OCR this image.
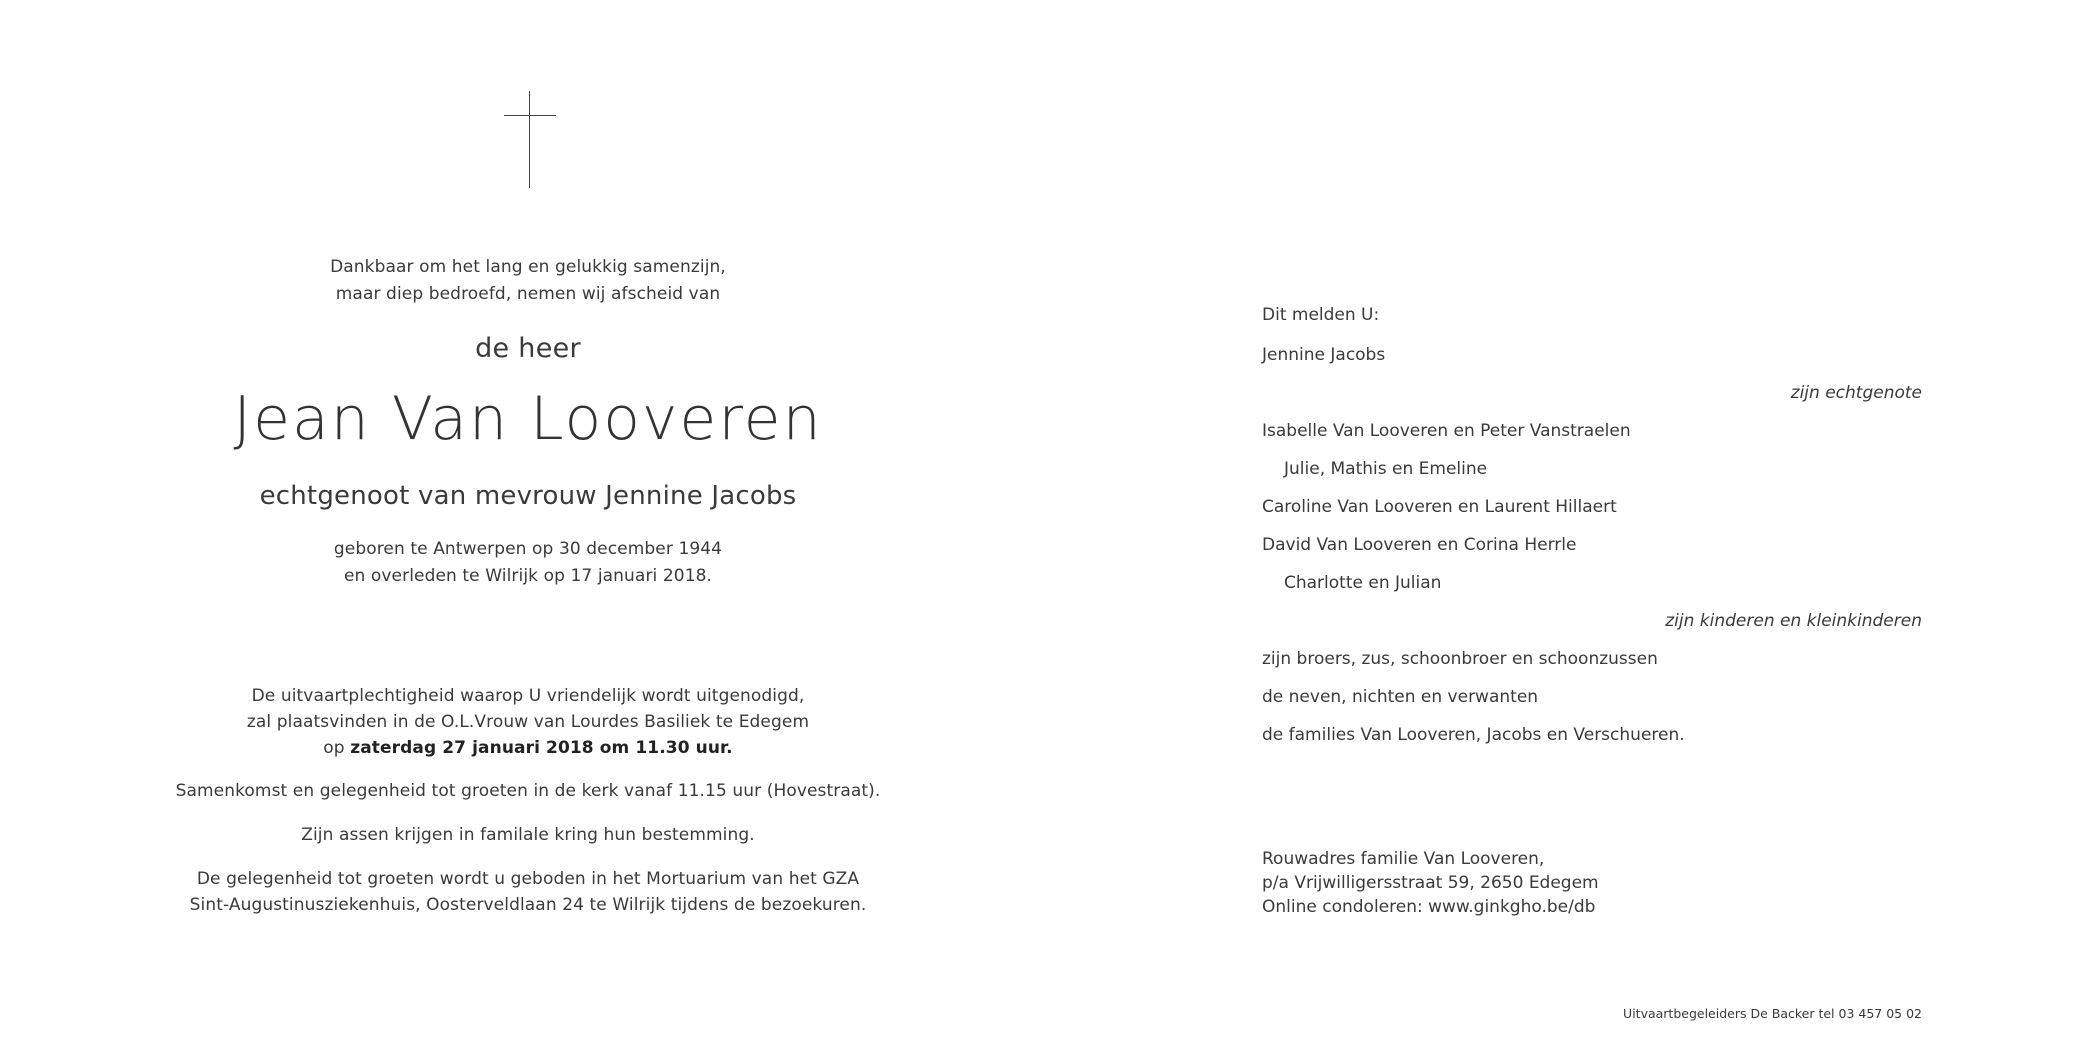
Dankbaar om het lang en gelukkig samenzijn,
maar diep bedroefd, nemen wij afscheid van
de heer
Jean Van Looveren
echtgenoot van mevrouw Jennine Jacobs
geboren te Antwerpen op 30 december 1944
en overleden te Wilrijk op 17 januari 2018.
De uitvaartplechtigheid waarop U vriendelijk wordt uitgenodigd,
zal plaatsvinden in de O.L.Vrouw van Lourdes Basiliek te Edegem
op zaterdag 27 januari 2018 om 11.30 uur.
Samenkomst en gelegenheid tot groeten in de kerk vanaf 11.15 uur (Hovestraat).
Zijn assen krijgen in familale kring hun bestemming.
De gelegenheid tot groeten wordt u geboden in het Mortuarium van het GZA
Sint-Augustinusziekenhuis, Oosterveldlaan 24 te Wilrijk tijdens de bezoekuren.
Dit melden U:
Jennine Jacobs
zijn echtgenote
Isabelle Van Looveren en Peter Vanstraelen
Julie, Mathis en Emeline
Caroline Van Looveren en Laurent Hillaert
David Van Looveren en Corina Herrle
Charlotte en Julian
zijn kinderen en kleinkinderen
zijn broers, zus, schoonbroer en schoonzussen
de neven, nichten en verwanten
de families Van Looveren, Jacobs en Verschueren.
Rouwadres familie Van Looveren,
p/a Vrijwilligersstraat 59, 2650 Edegem
Online condoleren: www.ginkgho.be/db
Uitvaartbegeleiders De Backer tel 03 457 05 02
